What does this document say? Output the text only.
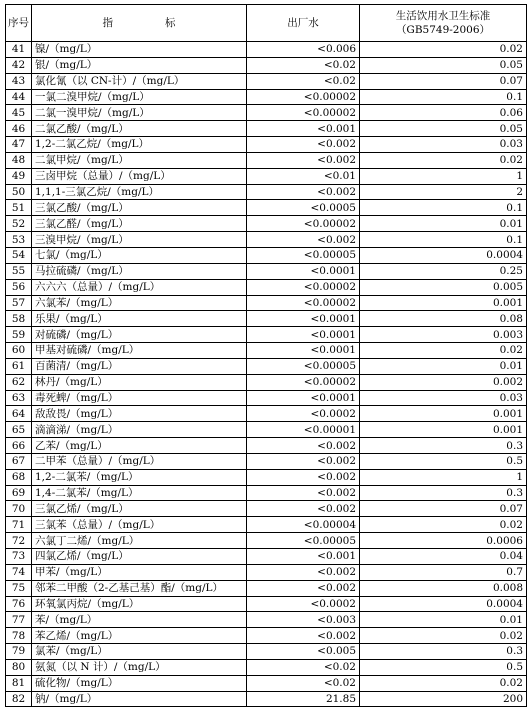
序号	指 标	出厂水	生活饮用水卫生标准
（GB5749-2006）

41	镍/（mg/L）	<0.006	0.02
42	银/（mg/L）	<0.02	0.05
43	氯化氰（以 CN-计）/（mg/L）	<0.02	0.07
44	一氯二溴甲烷/（mg/L）	<0.00002	0.1
45	二氯一溴甲烷/（mg/L）	<0.00002	0.06
46	二氯乙酸/（mg/L）	<0.001	0.05
47	1,2-二氯乙烷/（mg/L）	<0.002	0.03
48	二氯甲烷/（mg/L）	<0.002	0.02
49	三卤甲烷（总量）/（mg/L）	<0.01	1
50	1,1,1-三氯乙烷/（mg/L）	<0.002	2
51	三氯乙酸/（mg/L）	<0.0005	0.1
52	三氯乙醛/（mg/L）	<0.00002	0.01
53	三溴甲烷/（mg/L）	<0.002	0.1
54	七氯/（mg/L）	<0.00005	0.0004
55	马拉硫磷/（mg/L）	<0.0001	0.25
56	六六六（总量）/（mg/L）	<0.00002	0.005
57	六氯苯/（mg/L）	<0.00002	0.001
58	乐果/（mg/L）	<0.0001	0.08
59	对硫磷/（mg/L）	<0.0001	0.003
60	甲基对硫磷/（mg/L）	<0.0001	0.02
61	百菌清/（mg/L）	<0.00005	0.01
62	林丹/（mg/L）	<0.00002	0.002
63	毒死蜱/（mg/L）	<0.0001	0.03
64	敌敌畏/（mg/L）	<0.0002	0.001
65	滴滴涕/（mg/L）	<0.00001	0.001
66	乙苯/（mg/L）	<0.002	0.3
67	二甲苯（总量）/（mg/L）	<0.002	0.5
68	1,2-二氯苯/（mg/L）	<0.002	1
69	1,4-二氯苯/（mg/L）	<0.002	0.3
70	三氯乙烯/（mg/L）	<0.002	0.07
71	三氯苯（总量）/（mg/L）	<0.00004	0.02
72	六氯丁二烯/（mg/L）	<0.00005	0.0006
73	四氯乙烯/（mg/L）	<0.001	0.04
74	甲苯/（mg/L）	<0.002	0.7
75	邻苯二甲酸（2-乙基己基）酯/（mg/L）	<0.002	0.008
76	环氧氯丙烷/（mg/L）	<0.0002	0.0004
77	苯/（mg/L）	<0.003	0.01
78	苯乙烯/（mg/L）	<0.002	0.02
79	氯苯/（mg/L）	<0.005	0.3
80	氨氮（以 N 计）/（mg/L）	<0.02	0.5
81	硫化物/（mg/L）	<0.02	0.02
82	钠/（mg/L）	21.85	200
